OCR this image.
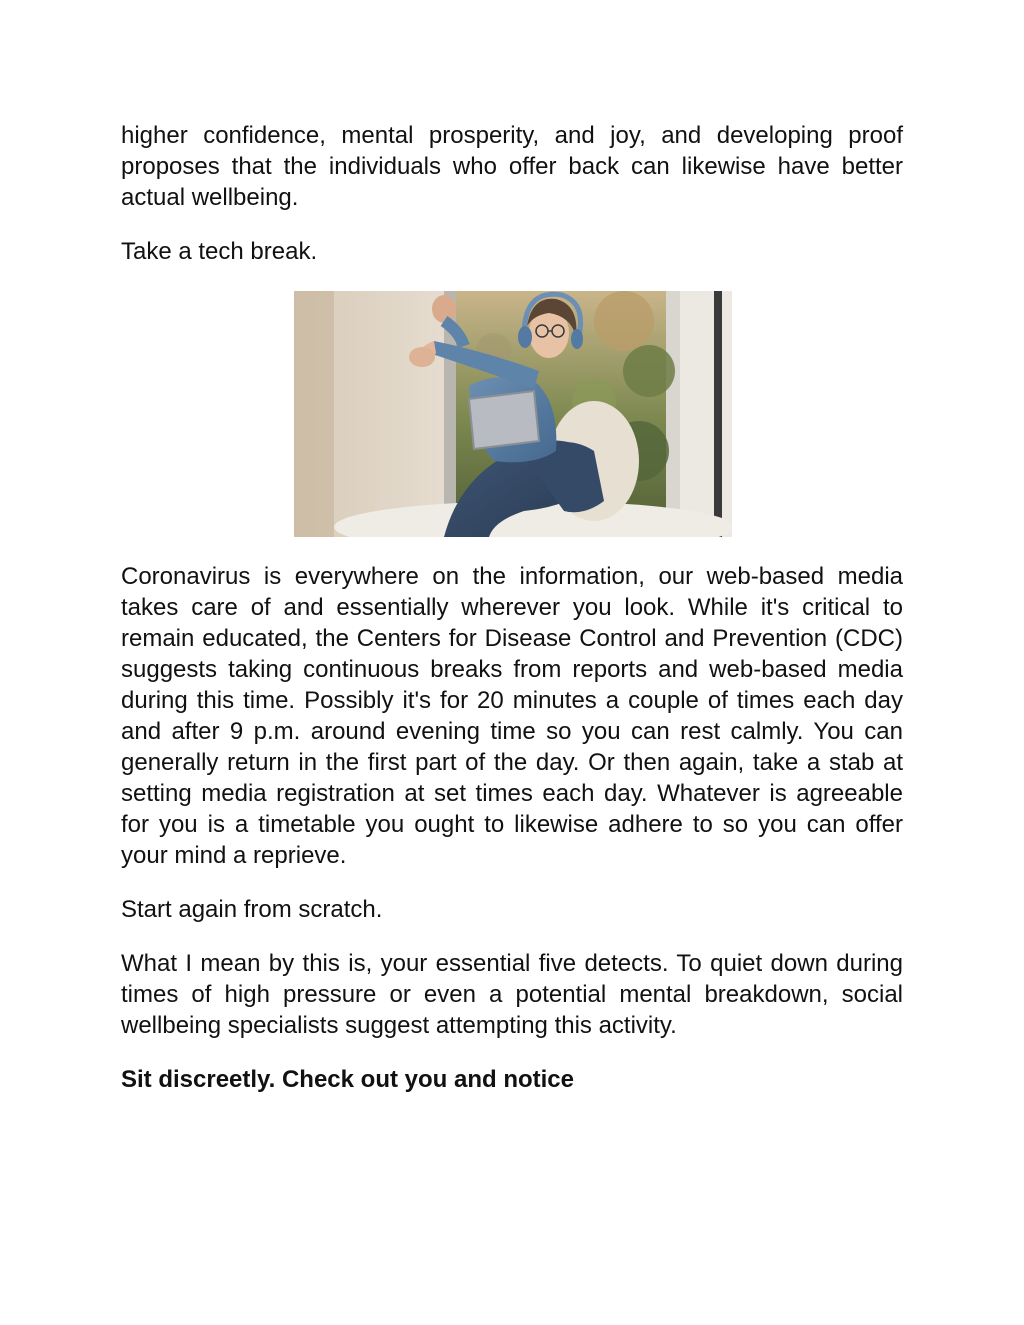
higher confidence, mental prosperity, and joy, and developing proof proposes that the individuals who offer back can likewise have better actual wellbeing.

Take a tech break.

Coronavirus is everywhere on the information, our web-based media takes care of and essentially wherever you look. While it's critical to remain educated, the Centers for Disease Control and Prevention (CDC) suggests taking continuous breaks from reports and web-based media during this time. Possibly it's for 20 minutes a couple of times each day and after 9 p.m. around evening time so you can rest calmly. You can generally return in the first part of the day. Or then again, take a stab at setting media registration at set times each day. Whatever is agreeable for you is a timetable you ought to likewise adhere to so you can offer your mind a reprieve.

Start again from scratch.

What I mean by this is, your essential five detects. To quiet down during times of high pressure or even a potential mental breakdown, social wellbeing specialists suggest attempting this activity.

Sit discreetly. Check out you and notice
